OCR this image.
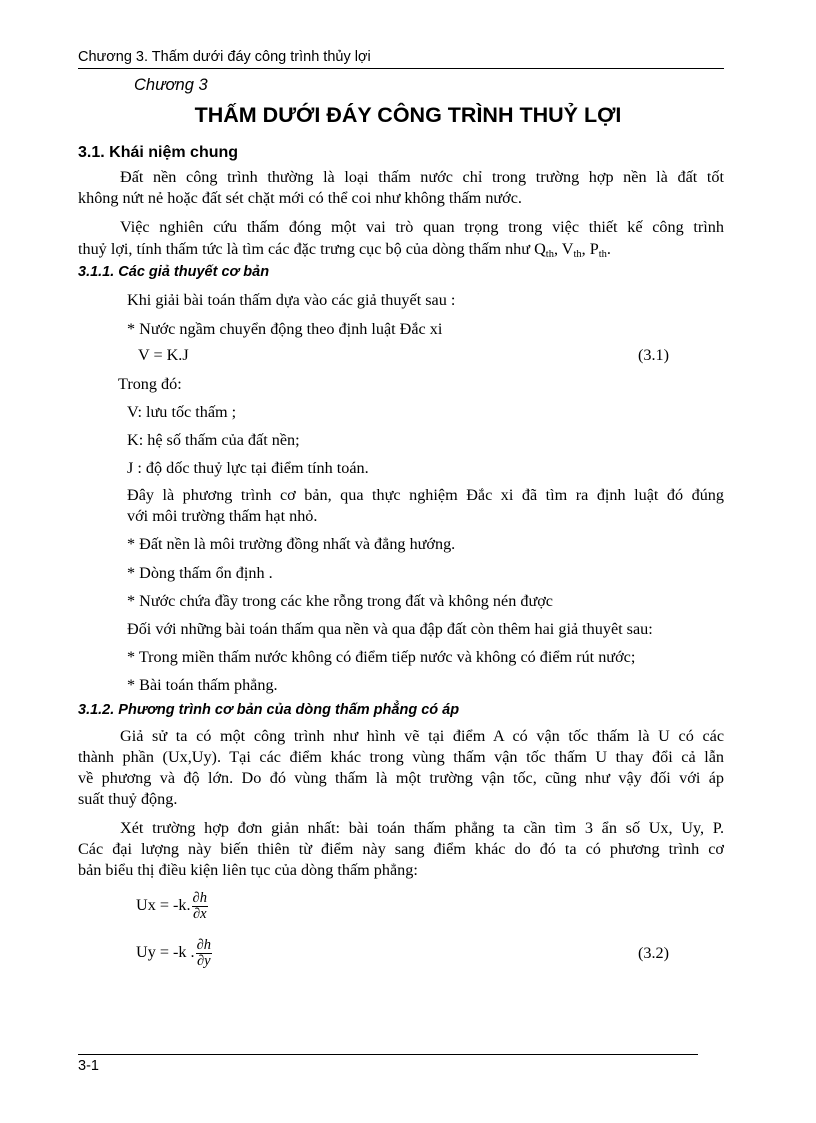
Chương 3. Thấm dưới đáy công trình thủy lợi
Chương 3
THẤM DƯỚI ĐÁY CÔNG TRÌNH THUỶ LỢI
3.1. Khái niệm chung
Đất nền công trình thường là loại thấm nước chỉ trong trường hợp nền là đất tốt
không nứt nẻ hoặc đất sét chặt mới có thể coi như không thấm nước.
Việc nghiên cứu thấm đóng một vai trò quan trọng trong việc thiết kế công trình
thuỷ lợi, tính thấm tức là tìm các đặc trưng cục bộ của dòng thấm như $Q_{th}$, $V_{th}$, $P_{th}$.
3.1.1. Các giả thuyết cơ bản
Khi giải bài toán thấm dựa vào các giả thuyết sau :
* Nước ngầm chuyển động theo định luật Đắc xi
V = K.J	(3.1)
Trong đó:
V: lưu tốc thấm ;
K: hệ số thấm của đất nền;
J : độ dốc thuỷ lực tại điểm tính toán.
Đây là phương trình cơ bản, qua thực nghiệm Đắc xi đã tìm ra định luật đó đúng
với môi trường thấm hạt nhỏ.
* Đất nền là môi trường đồng nhất và đẳng hướng.
* Dòng thấm ổn định .
* Nước chứa đầy trong các khe rỗng trong đất và không nén được
Đối với những bài toán thấm qua nền và qua đập đất còn thêm hai giả thuyêt sau:
* Trong miền thấm nước không có điểm tiếp nước và không có điểm rút nước;
* Bài toán thấm phẳng.
3.1.2. Phương trình cơ bản của dòng thấm phẳng có áp
Giả sử ta có một công trình như hình vẽ tại điểm A có vận tốc thấm là U có các
thành phần (Ux,Uy). Tại các điểm khác trong vùng thấm vận tốc thấm U thay đổi cả lẫn
về phương và độ lớn. Do đó vùng thấm là một trường vận tốc, cũng như vậy đối với áp
suất thuỷ động.
Xét trường hợp đơn giản nhất: bài toán thấm phẳng ta cần tìm 3 ẩn số Ux, Uy, P.
Các đại lượng này biến thiên từ điểm này sang điểm khác do đó ta có phương trình cơ
bản biểu thị điều kiện liên tục của dòng thấm phẳng:
Ux = -k. $\frac{\partial h}{\partial x}$
Uy = -k . $\frac{\partial h}{\partial y}$	(3.2)
3-1
